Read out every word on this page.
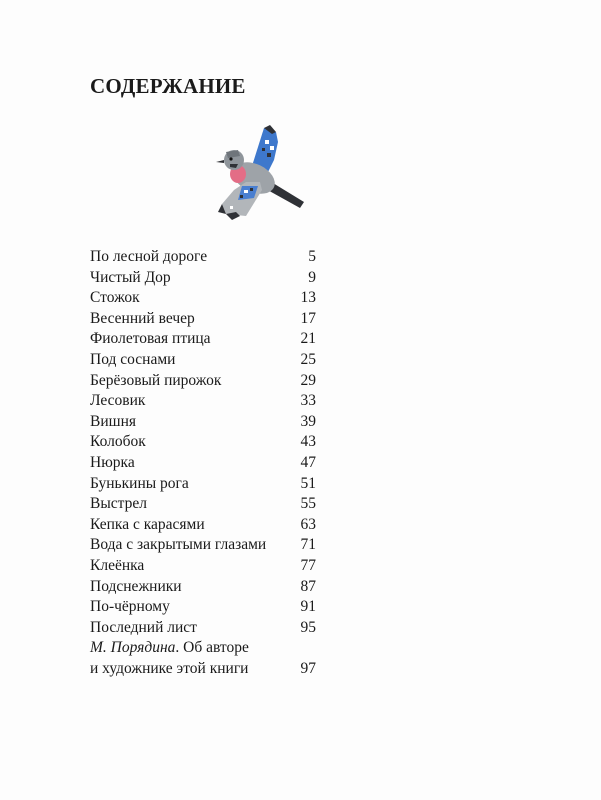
СОДЕРЖАНИЕ
По лесной дороге	5
Чистый Дор	9
Стожок	13
Весенний вечер	17
Фиолетовая птица	21
Под соснами	25
Берёзовый пирожок	29
Лесовик	33
Вишня	39
Колобок	43
Нюрка	47
Бунькины рога	51
Выстрел	55
Кепка с карасями	63
Вода с закрытыми глазами	71
Клеёнка	77
Подснежники	87
По-чёрному	91
Последний лист	95
М. Порядина. Об авторе
и художнике этой книги	97
